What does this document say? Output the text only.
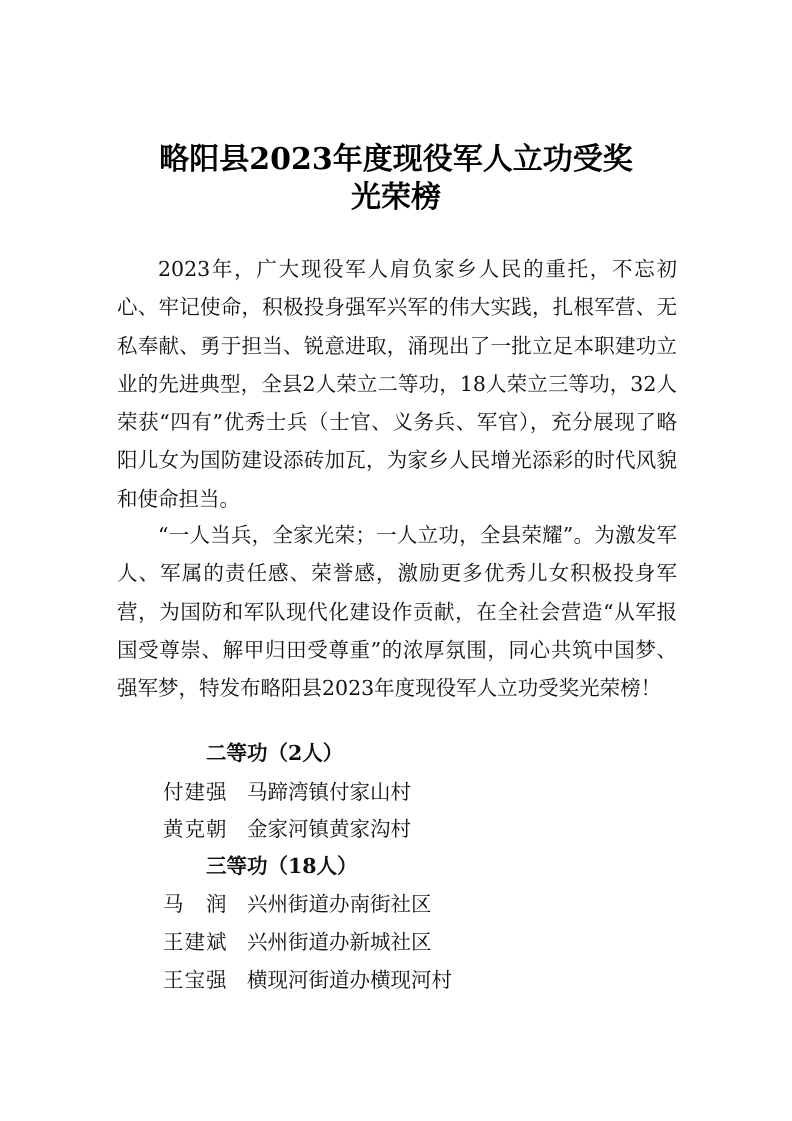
略阳县2023年度现役军人立功受奖
光荣榜
2023年，广大现役军人肩负家乡人民的重托，不忘初心、牢记使命，积极投身强军兴军的伟大实践，扎根军营、无私奉献、勇于担当、锐意进取，涌现出了一批立足本职建功立业的先进典型，全县2人荣立二等功，18人荣立三等功，32人荣获“四有”优秀士兵（士官、义务兵、军官），充分展现了略阳儿女为国防建设添砖加瓦，为家乡人民增光添彩的时代风貌和使命担当。
“一人当兵，全家光荣；一人立功，全县荣耀”。为激发军人、军属的责任感、荣誉感，激励更多优秀儿女积极投身军营，为国防和军队现代化建设作贡献，在全社会营造“从军报国受尊崇、解甲归田受尊重”的浓厚氛围，同心共筑中国梦、强军梦，特发布略阳县2023年度现役军人立功受奖光荣榜！
二等功（2人）
付建强 马蹄湾镇付家山村
黄克朝 金家河镇黄家沟村
三等功（18人）
马　润 兴州街道办南街社区
王建斌 兴州街道办新城社区
王宝强 横现河街道办横现河村
